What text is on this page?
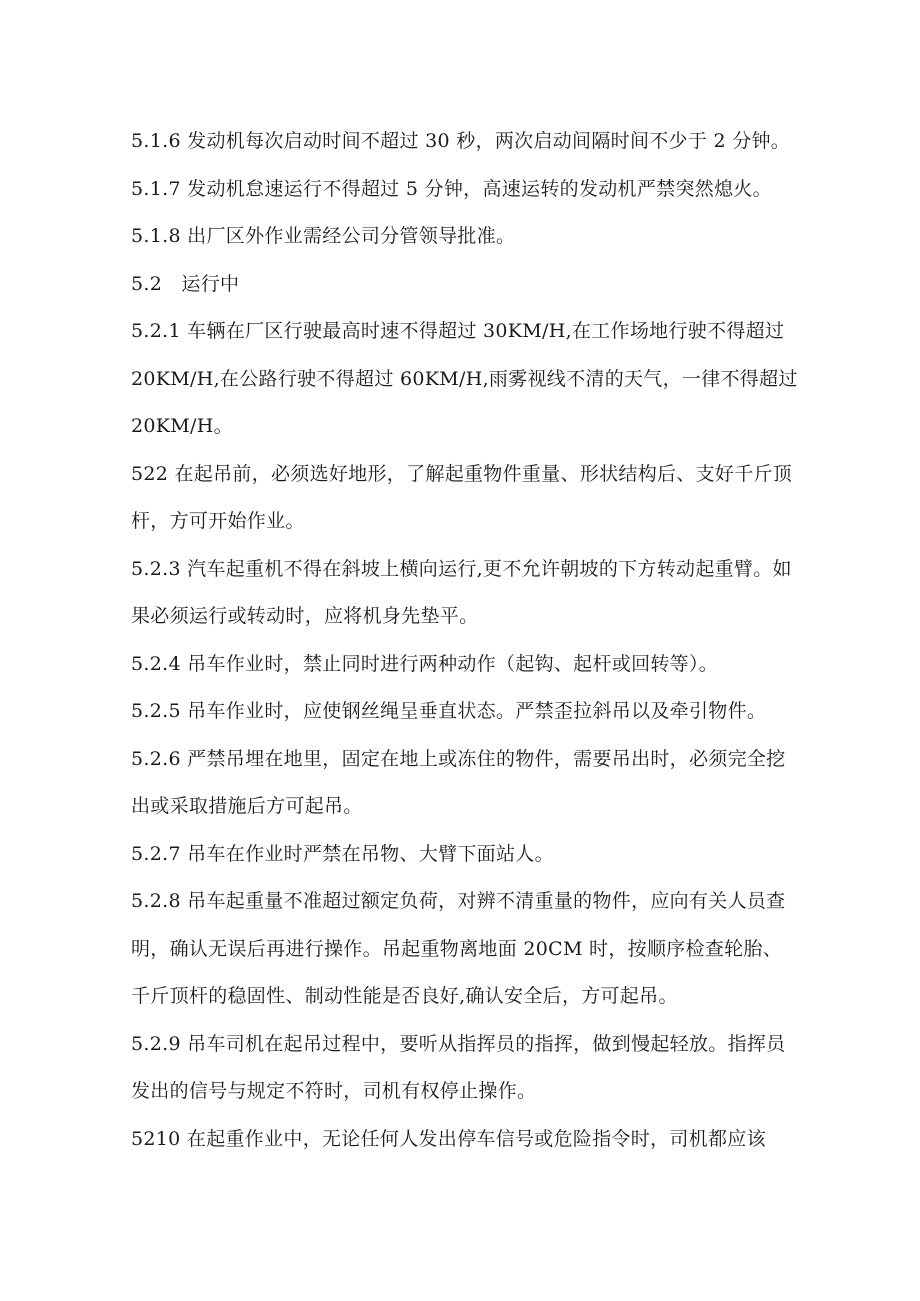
5.1.6 发动机每次启动时间不超过 30 秒，两次启动间隔时间不少于 2 分钟。

5.1.7 发动机怠速运行不得超过 5 分钟，高速运转的发动机严禁突然熄火。

5.1.8 出厂区外作业需经公司分管领导批准。

5.2　运行中

5.2.1 车辆在厂区行驶最高时速不得超过 30KM/H,在工作场地行驶不得超过 20KM/H,在公路行驶不得超过 60KM/H,雨雾视线不清的天气，一律不得超过 20KM/H。

522 在起吊前，必须选好地形，了解起重物件重量、形状结构后、支好千斤顶杆，方可开始作业。

5.2.3 汽车起重机不得在斜坡上横向运行,更不允许朝坡的下方转动起重臂。如果必须运行或转动时，应将机身先垫平。

5.2.4 吊车作业时，禁止同时进行两种动作（起钩、起杆或回转等）。

5.2.5 吊车作业时，应使钢丝绳呈垂直状态。严禁歪拉斜吊以及牵引物件。

5.2.6 严禁吊埋在地里，固定在地上或冻住的物件，需要吊出时，必须完全挖出或采取措施后方可起吊。

5.2.7 吊车在作业时严禁在吊物、大臂下面站人。

5.2.8 吊车起重量不准超过额定负荷，对辨不清重量的物件，应向有关人员查明，确认无误后再进行操作。吊起重物离地面 20CM 时，按顺序检查轮胎、千斤顶杆的稳固性、制动性能是否良好,确认安全后，方可起吊。

5.2.9 吊车司机在起吊过程中，要听从指挥员的指挥，做到慢起轻放。指挥员发出的信号与规定不符时，司机有权停止操作。

5210 在起重作业中，无论任何人发出停车信号或危险指令时，司机都应该
